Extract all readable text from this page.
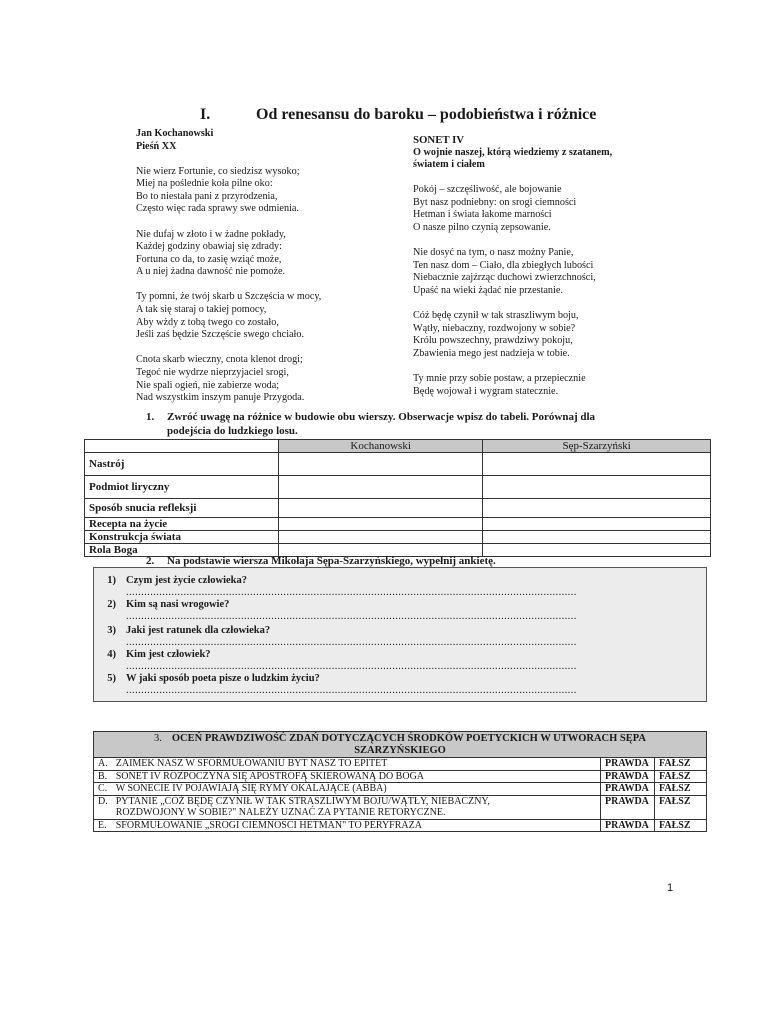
I.	Od renesansu do baroku – podobieństwa i różnice
Jan Kochanowski
Pieśń XX
Nie wierz Fortunie, co siedzisz wysoko;
Miej na poślednie koła pilne oko:
Bo to niestała pani z przyrodzenia,
Często więc rada sprawy swe odmienia.
Nie dufaj w złoto i w żadne pokłady,
Każdej godziny obawiaj się zdrady:
Fortuna co da, to zasię wziąć może,
A u niej żadna dawność nie pomoże.
Ty pomni, że twój skarb u Szczęścia w mocy,
A tak się staraj o takiej pomocy,
Aby wżdy z tobą twego co zostało,
Jeśli zaś będzie Szczęście swego chciało.
Cnota skarb wieczny, cnota klenot drogi;
Tegoć nie wydrze nieprzyjaciel srogi,
Nie spali ogień, nie zabierze woda;
Nad wszystkim inszym panuje Przygoda.
SONET IV
O wojnie naszej, którą wiedziemy z szatanem,
światem i ciałem
Pokój – szczęśliwość, ale bojowanie
Byt nasz podniebny: on srogi ciemności
Hetman i świata łakome marności
O nasze pilno czynią zepsowanie.
Nie dosyć na tym, o nasz możny Panie,
Ten nasz dom – Ciało, dla zbiegłych lubości
Niebacznie zajźrząc duchowi zwierzchności,
Upaść na wieki żądać nie przestanie.
Cóż będę czynił w tak straszliwym boju,
Wątły, niebaczny, rozdwojony w sobie?
Królu powszechny, prawdziwy pokoju,
Zbawienia mego jest nadzieja w tobie.
Ty mnie przy sobie postaw, a przepiecznie
Będę wojował i wygram statecznie.
1. Zwróć uwagę na różnice w budowie obu wierszy. Obserwacje wpisz do tabeli. Porównaj dla
podejścia do ludzkiego losu.
	Kochanowski	Sęp-Szarzyński
Nastrój		
Podmiot liryczny		
Sposób snucia refleksji		
Recepta na życie		
Konstrukcja świata		
Rola Boga		
2. Na podstawie wiersza Mikołaja Sępa-Szarzyńskiego, wypełnij ankietę.
1) Czym jest życie człowieka?
.....................................................................................................................................................
2) Kim są nasi wrogowie?
.....................................................................................................................................................
3) Jaki jest ratunek dla człowieka?
.....................................................................................................................................................
4) Kim jest człowiek?
.....................................................................................................................................................
5) W jaki sposób poeta pisze o ludzkim życiu?
.....................................................................................................................................................
3. OCEŃ PRAWDZIWOŚĆ ZDAŃ DOTYCZĄCYCH ŚRODKÓW POETYCKICH W UTWORACH SĘPA
SZARZYŃSKIEGO			
A.	ZAIMEK NASZ W SFORMUŁOWANIU BYT NASZ TO EPITET	PRAWDA	FAŁSZ
B.	SONET IV ROZPOCZYNA SIĘ APOSTROFĄ SKIEROWANĄ DO BOGA	PRAWDA	FAŁSZ
C.	W SONECIE IV POJAWIAJĄ SIĘ RYMY OKALAJĄCE (ABBA)	PRAWDA	FAŁSZ
D.	PYTANIE „CÓŻ BĘDĘ CZYNIŁ W TAK STRASZLIWYM BOJU/WĄTŁY, NIEBACZNY,
ROZDWOJONY W SOBIE?" NALEŻY UZNAĆ ZA PYTANIE RETORYCZNE.	PRAWDA	FAŁSZ
E.	SFORMUŁOWANIE „SROGI CIEMNOŚCI HETMAN" TO PERYFRAZA	PRAWDA	FAŁSZ
1
